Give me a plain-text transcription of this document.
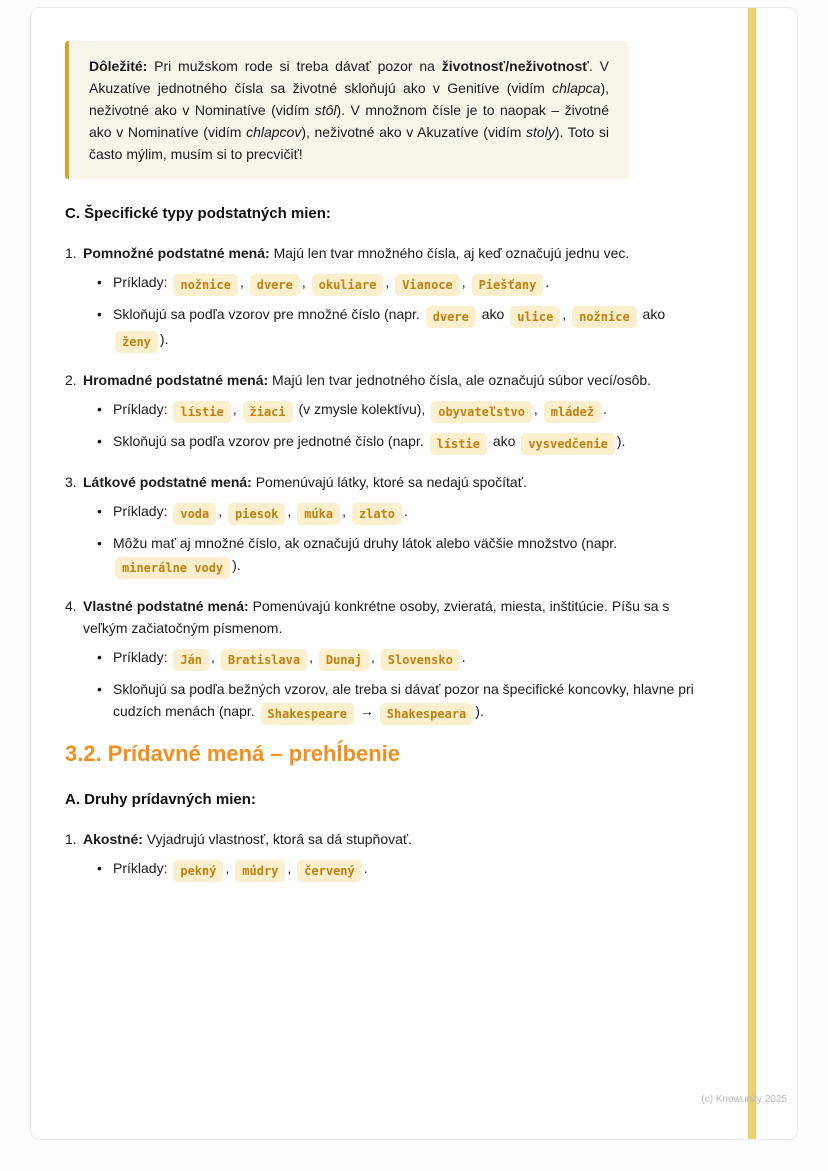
Dôležité: Pri mužskom rode si treba dávať pozor na životnosť/neživotnosť. V Akuzatíve jednotného čísla sa životné skloňujú ako v Genitíve (vidím chlapca), neživotné ako v Nominatíve (vidím stôl). V množnom čísle je to naopak – životné ako v Nominatíve (vidím chlapcov), neživotné ako v Akuzatíve (vidím stoly). Toto si často mýlim, musím si to precvičiť!

C. Špecifické typy podstatných mien:
1. Pomnožné podstatné mená: Majú len tvar množného čísla, aj keď označujú jednu vec.

• Príklady: nožnice , dvere , okuliare , Vianoce , Piešťany .

• Skloňujú sa podľa vzorov pre množné číslo (napr. dvere ako ulice , nožnice ako ženy ).

2. Hromadné podstatné mená: Majú len tvar jednotného čísla, ale označujú súbor vecí/osôb.

• Príklady: lístie , žiaci (v zmysle kolektívu), obyvateľstvo , mládež .

• Skloňujú sa podľa vzorov pre jednotné číslo (napr. lístie ako vysvedčenie ).

3. Látkové podstatné mená: Pomenúvajú látky, ktoré sa nedajú spočítať.

• Príklady: voda , piesok , múka , zlato .

• Môžu mať aj množné číslo, ak označujú druhy látok alebo väčšie množstvo (napr. minerálne vody ).

4. Vlastné podstatné mená: Pomenúvajú konkrétne osoby, zvieratá, miesta, inštitúcie. Píšu sa s veľkým začiatočným písmenom.

• Príklady: Ján , Bratislava , Dunaj , Slovensko .

• Skloňujú sa podľa bežných vzorov, ale treba si dávať pozor na špecifické koncovky, hlavne pri cudzích menách (napr. Shakespeare → Shakespeara ).

3.2. Prídavné mená – prehĺbenie
A. Druhy prídavných mien:
1. Akostné: Vyjadrujú vlastnosť, ktorá sa dá stupňovať.

• Príklady: pekný , múdry , červený .

(c) Knowunity 2025
